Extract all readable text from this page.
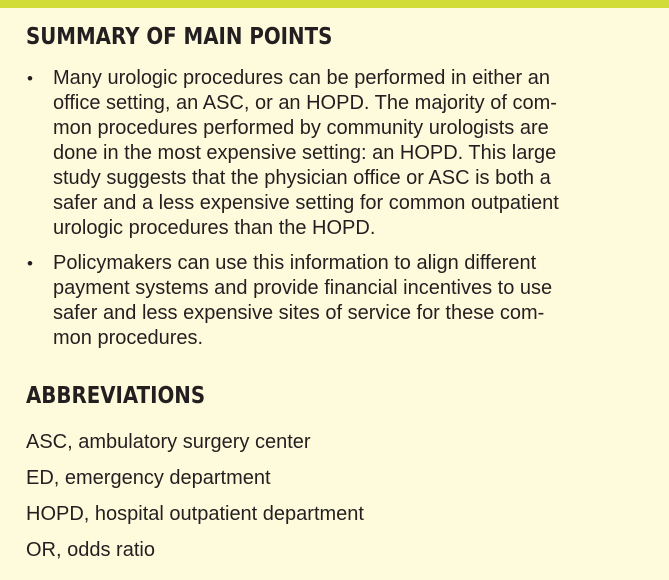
SUMMARY OF MAIN POINTS
• Many urologic procedures can be performed in either an
office setting, an ASC, or an HOPD. The majority of com-
mon procedures performed by community urologists are
done in the most expensive setting: an HOPD. This large
study suggests that the physician office or ASC is both a
safer and a less expensive setting for common outpatient
urologic procedures than the HOPD.
• Policymakers can use this information to align different
payment systems and provide financial incentives to use
safer and less expensive sites of service for these com-
mon procedures.
ABBREVIATIONS
ASC, ambulatory surgery center
ED, emergency department
HOPD, hospital outpatient department
OR, odds ratio
